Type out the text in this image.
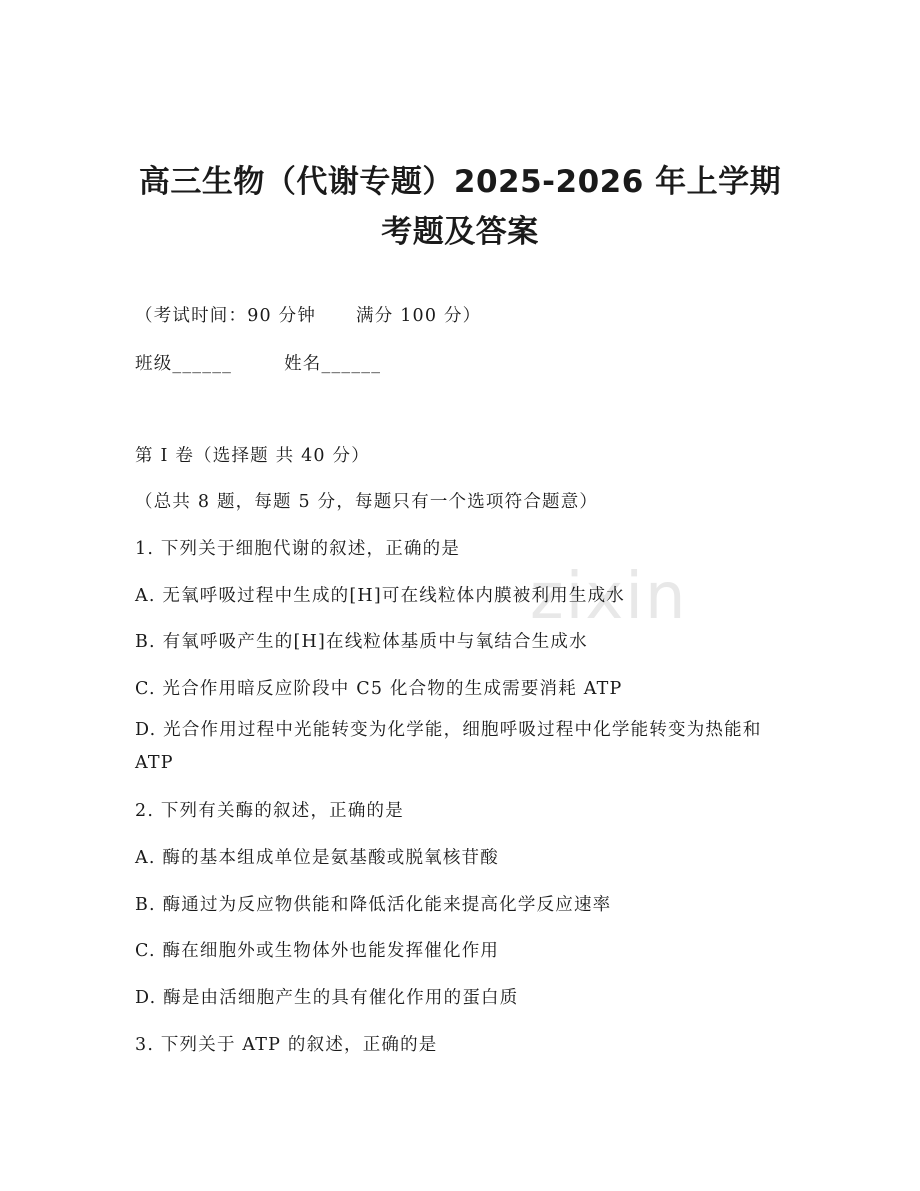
zixin
高三生物（代谢专题）2025-2026 年上学期
考题及答案

（考试时间：90 分钟 满分 100 分）

班级______	姓名______

第 I 卷（选择题 共 40 分）

（总共 8 题，每题 5 分，每题只有一个选项符合题意）

1. 下列关于细胞代谢的叙述，正确的是

A. 无氧呼吸过程中生成的[H]可在线粒体内膜被利用生成水

B. 有氧呼吸产生的[H]在线粒体基质中与氧结合生成水

C. 光合作用暗反应阶段中 C5 化合物的生成需要消耗 ATP

D. 光合作用过程中光能转变为化学能，细胞呼吸过程中化学能转变为热能和 ATP

2. 下列有关酶的叙述，正确的是

A. 酶的基本组成单位是氨基酸或脱氧核苷酸

B. 酶通过为反应物供能和降低活化能来提高化学反应速率

C. 酶在细胞外或生物体外也能发挥催化作用

D. 酶是由活细胞产生的具有催化作用的蛋白质

3. 下列关于 ATP 的叙述，正确的是
